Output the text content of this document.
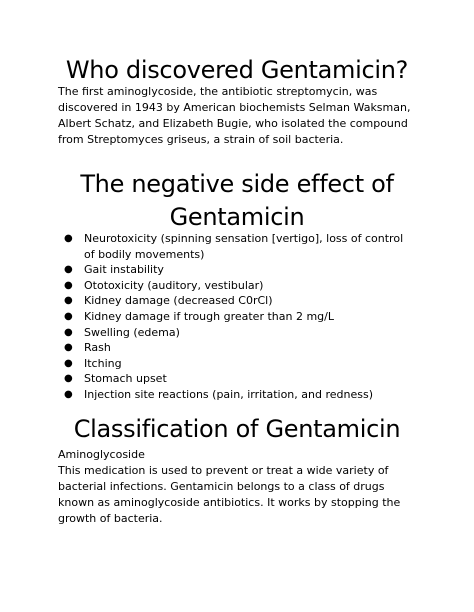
Who discovered Gentamicin?

The first aminoglycoside, the antibiotic streptomycin, was discovered in 1943 by American biochemists Selman Waksman, Albert Schatz, and Elizabeth Bugie, who isolated the compound from Streptomyces griseus, a strain of soil bacteria.

The negative side effect of Gentamicin
● Neurotoxicity (spinning sensation [vertigo], loss of control of bodily movements)
● Gait instability
● Ototoxicity (auditory, vestibular)
● Kidney damage (decreased C0rCl)
● Kidney damage if trough greater than 2 mg/L
● Swelling (edema)
● Rash
● Itching
● Stomach upset
● Injection site reactions (pain, irritation, and redness)
Classification of Gentamicin
Aminoglycoside
This medication is used to prevent or treat a wide variety of bacterial infections. Gentamicin belongs to a class of drugs known as aminoglycoside antibiotics. It works by stopping the growth of bacteria.
